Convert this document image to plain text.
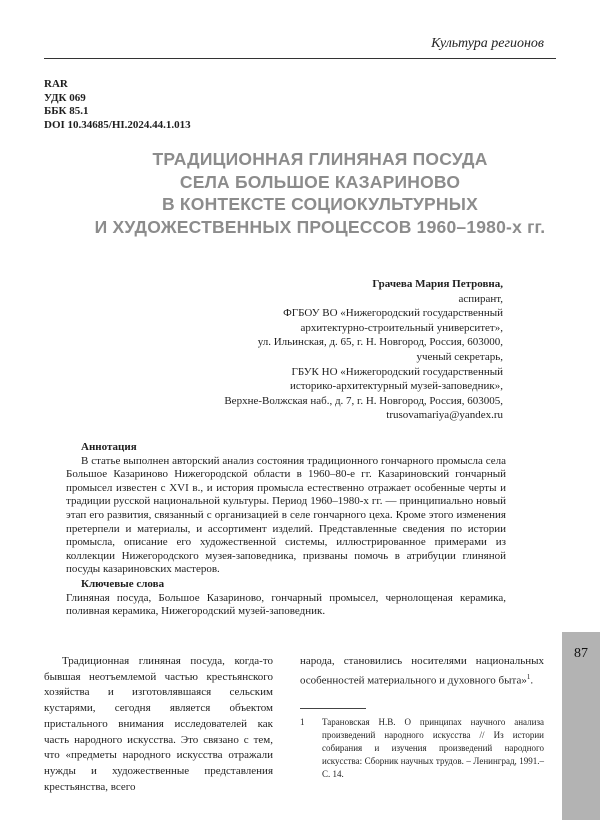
Культура регионов
RAR
УДК 069
ББК 85.1
DOI 10.34685/HI.2024.44.1.013
ТРАДИЦИОННАЯ ГЛИНЯНАЯ ПОСУДА
СЕЛА БОЛЬШОЕ КАЗАРИНОВО
В КОНТЕКСТЕ СОЦИОКУЛЬТУРНЫХ
И ХУДОЖЕСТВЕННЫХ ПРОЦЕССОВ 1960–1980-х гг.
Грачева Мария Петровна,
аспирант,
ФГБОУ ВО «Нижегородский государственный
архитектурно-строительный университет»,
ул. Ильинская, д. 65, г. Н. Новгород, Россия, 603000,
ученый секретарь,
ГБУК НО «Нижегородский государственный
историко-архитектурный музей-заповедник»,
Верхне-Волжская наб., д. 7, г. Н. Новгород, Россия, 603005,
trusovamariya@yandex.ru
Аннотация

В статье выполнен авторский анализ состояния традиционного гончарного промысла села Большое Казариново Нижегородской области в 1960–80-е гг. Казариновский гончарный промысел известен с XVI в., и история промысла естественно отражает особенные черты и традиции русской национальной культуры. Период 1960–1980-х гг. — принципиально новый этап его развития, связанный с организацией в селе гончарного цеха. Кроме этого изменения претерпели и материалы, и ассортимент изделий. Представленные сведения по истории промысла, описание его художественной системы, иллюстрированное примерами из коллекции Нижегородского музея-заповедника, призваны помочь в атрибуции глиняной посуды казариновских мастеров.

Ключевые слова

Глиняная посуда, Большое Казариново, гончарный промысел, чернолощеная керамика, поливная керамика, Нижегородский музей-заповедник.

Традиционная глиняная посуда, когда-то бывшая неотъемлемой частью крестьянского хозяйства и изготовлявшаяся сельским кустарями, сегодня является объектом пристального внимания исследователей как часть народного искусства. Это связано с тем, что «предметы народного искусства отражали нужды и художественные представления крестьянства, всего

народа, становились носителями национальных особенностей материального и духовного быта»$^1$.

1 Тарановская Н.В. О принципах научного анализа произведений народного искусства // Из истории собирания и изучения произведений народного искусства: Сборник научных трудов. – Ленинград, 1991.– С. 14.
87
